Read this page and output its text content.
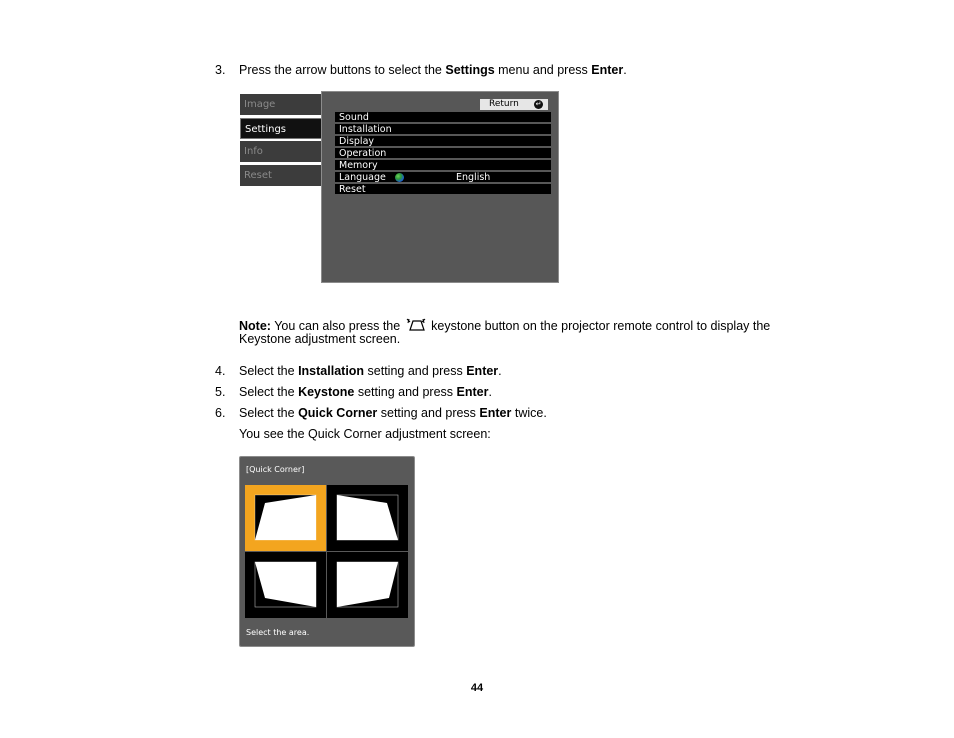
3. Press the arrow buttons to select the Settings menu and press Enter.
Image
Settings
Info
Reset
Return ↵
Sound
Installation
Display
Operation
Memory
Language	English
Reset
Note: You can also press the  keystone button on the projector remote control to display the
Keystone adjustment screen.
4. Select the Installation setting and press Enter.
5. Select the Keystone setting and press Enter.
6. Select the Quick Corner setting and press Enter twice.
You see the Quick Corner adjustment screen:
[Quick Corner]
Select the area.
44
